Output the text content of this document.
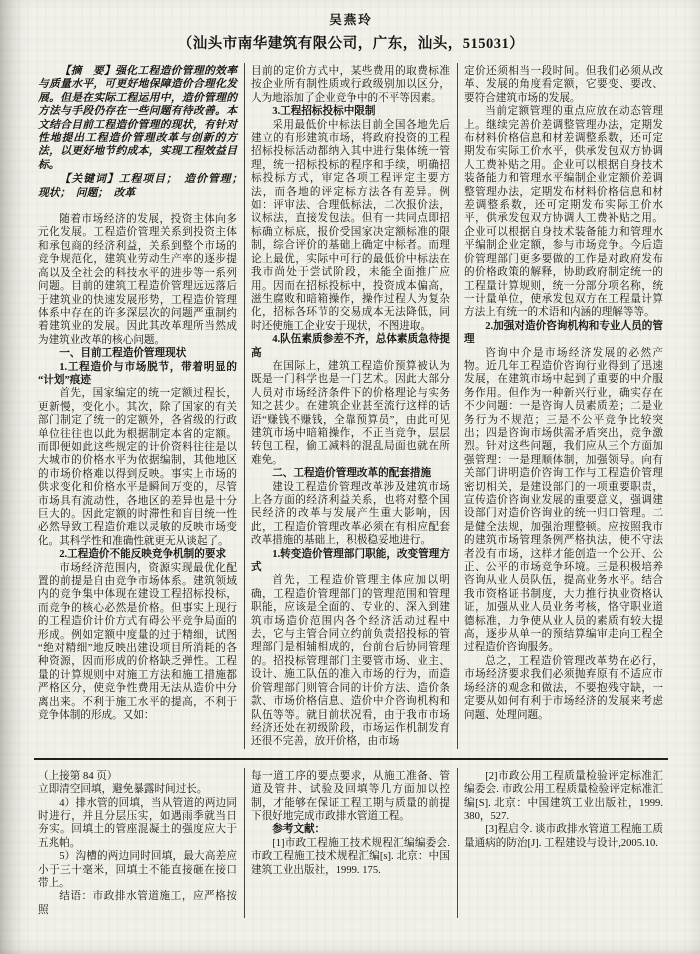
吴燕玲
（汕头市南华建筑有限公司，广东，汕头，515031）

【摘　要】强化工程造价管理的效率与质量水平，可更好地保障造价合理化发展。但是在实际工程运用中，造价管理的方法与手段仍存在一些问题有待改善。本文结合目前工程造价管理的现状，有针对性地提出工程造价管理改革与创新的方法，以更好地节约成本，实现工程效益目标。

【关键词】工程项目；　造价管理；　现状；　问题；　改革

随着市场经济的发展，投资主体向多元化发展。工程造价管理关系到投资主体和承包商的经济利益，关系到整个市场的竞争规范化，建筑业劳动生产率的逐步提高以及全社会的科技水平的进步等一系列问题。目前的建筑工程造价管理远远落后于建筑业的快速发展形势，工程造价管理体系中存在的许多深层次的问题严重制约着建筑业的发展。因此其改革理所当然成为建筑业改革的核心问题。

一、目前工程造价管理现状

1.工程造价与市场脱节，带着明显的“计划”痕迹

首先，国家编定的统一定额过程长，更新慢，变化小。其次，除了国家的有关部门制定了统一的定额外，各省级的行政单位往往也以此为根据制定本省的定额。而即便如此这些规定的计价资料往往是以大城市的价格水平为依据编制，其他地区的市场价格难以得到反映。事实上市场的供求变化和价格水平是瞬间万变的，尽管市场具有流动性，各地区的差异也是十分巨大的。因此定额的时滞性和盲目统一性必然导致工程造价难以灵敏的反映市场变化。其科学性和准确性就更无从谈起了。

2.工程造价不能反映竞争机制的要求

市场经济范围内，资源实现最优化配置的前提是自由竞争市场体系。建筑领域内的竞争集中体现在建设工程招标投标，而竞争的核心必然是价格。但事实上现行的工程造价计价方式有碍公平竞争局面的形成。例如定额中度量的过于精细，试图“绝对精细”地反映出建设项目所消耗的各种资源，因而形成的价格缺乏弹性。工程量的计算规则中对施工方法和施工措施都严格区分，使竞争性费用无法从造价中分离出来。不利于施工水平的提高，不利于竞争体制的形成。又如：

目前的定价方式中，某些费用的取费标准按企业所有制性质或行政级别加以区分，人为地添加了企业竞争中的不平等因素。

3.工程招标投标中限制

采用最低价中标法目前全国各地先后建立的有形建筑市场，将政府投资的工程招标投标活动都纳入其中进行集体统一管理，统一招标投标的程序和手续，明确招标投标方式，审定各项工程评定主要方法，而各地的评定标方法各有差异。例如：评审法、合理低标法，二次报价法，议标法，直接发包法。但有一共同点即招标确立标底，报价受国家决定额标准的限制，综合评价的基础上确定中标者。而理论上最优，实际中可行的最低价中标法在我市尚处于尝试阶段，未能全面推广应用。因而在招标投标中，投资成本偏高，滋生腐败和暗箱操作，操作过程人为复杂化，招标各环节的交易成本无法降低，同时还使施工企业安于现状，不图进取。

4.队伍素质参差不齐，总体素质急待提高

在国际上，建筑工程造价预算被认为既是一门科学也是一门艺术。因此大部分人员对市场经济条件下的价格理论与实务知之甚少。在建筑企业甚至流行这样的话语“赚钱不赚钱，全靠预算员”，由此可见建筑市场中暗箱操作，不正当竞争，层层转包工程，偷工减料的混乱局面也就在所难免。

二、工程造价管理改革的配套措施

建设工程造价管理改革涉及建筑市场上各方面的经济利益关系，也将对整个国民经济的改革与发展产生重大影响，因此，工程造价管理改革必须在有相应配套改革措施的基础上，积极稳妥地进行。

1.转变造价管理部门职能，改变管理方式

首先，工程造价管理主体应加以明确，工程造价管理部门的管理范围和管理职能，应该是全面的、专业的、深入到建筑市场造价范围内各个经济活动过程中去，它与主管合同立约前负责招投标的管理部门是相辅相成的，台前台后协同管理的。招投标管理部门主要管市场、业主、设计、施工队伍的准入市场的行为，而造价管理部门则管合同的计价方法、造价条款、市场价格信息、造价中介咨询机构和队伍等等。就目前状况看，由于我市市场经济还处在初级阶段，市场运作机制发育还很不完善，放开价格，由市场

定价还须相当一段时间。但我们必须从改革、发展的角度看定额，它要变、要改、要符合建筑市场的发展。

当前定额管理的重点应放在动态管理上。继续完善价差调整管理办法，定期发布材料价格信息和材差调整系数，还可定期发布实际工价水平，供承发包双方协调人工费补贴之用。企业可以根据自身技术装备能力和管理水平编制企业定额价差调整管理办法，定期发布材料价格信息和材差调整系数，还可定期发布实际工价水平，供承发包双方协调人工费补贴之用。企业可以根据自身技术装备能力和管理水平编制企业定额，参与市场竞争。今后造价管理部门更多要做的工作是对政府发布的价格政策的解释，协助政府制定统一的工程量计算规则，统一分部分项名称，统一计量单位，使承发包双方在工程量计算方法上有统一的术语和内涵的理解等等。

2.加强对造价咨询机构和专业人员的管理

咨询中介是市场经济发展的必然产物。近几年工程造价咨询行业得到了迅速发展，在建筑市场中起到了重要的中介服务作用。但作为一种新兴行业，确实存在不少问题：一是咨询人员素质差；二是业务行为不规范；三是不公平竞争比较突出；四是咨询市场供需矛盾突出，竞争激烈。针对这些问题，我们应从三个方面加强管理：一是理顺体制，加强领导。向有关部门讲明造价咨询工作与工程造价管理密切相关，是建设部门的一项重要职责，宣传造价咨询业发展的重要意义，强调建设部门对造价咨询业的统一归口管理。二是健全法规，加强治理整顿。应按照我市的建筑市场管理条例严格执法，使不守法者没有市场，这样才能创造一个公开、公正、公平的市场竞争环境。三是积极培养咨询从业人员队伍，提高业务水平。结合我市资格证书制度，大力推行执业资格认证，加强从业人员业务考核，恪守职业道德标准，力争使从业人员的素质有较大提高，逐步从单一的预结算编审走向工程全过程造价咨询服务。

总之，工程造价管理改革势在必行，市场经济要求我们必须抛弃原有不适应市场经济的观念和做法，不要抱残守缺，一定要从如何有利于市场经济的发展来考虑问题、处理问题。

（上接第 84 页）

立即清空回填，避免暴露时间过长。

4）排水管的回填，当从管道的两边同时进行，并且分层压实，如遇雨季就当日夯实。回填土的管座混凝土的强度应大于五兆帕。

5）沟槽的两边同时回填，最大高差应小于三十毫米，回填土不能直接砸在接口带上。

结语：市政排水管道施工，应严格按照

每一道工序的要点要求，从施工准备、管道及管井、试验及回填等几方面加以控制，才能够在保证工程工期与质量的前提下很好地完成市政排水管道工程。

参考文献：

[1]市政工程施工技术规程汇编编委会. 市政工程施工技术规程汇编[s]. 北京：中国建筑工业出版社，1999. 175.

[2]市政公用工程质量检验评定标准汇编委会. 市政公用工程质量检验评定标准汇编[S]. 北京：中国建筑工业出版社，1999. 380，527.

[3]程启令. 谈市政排水管道工程施工质量通病的防治[J]. 工程建设与设计,2005.10.
